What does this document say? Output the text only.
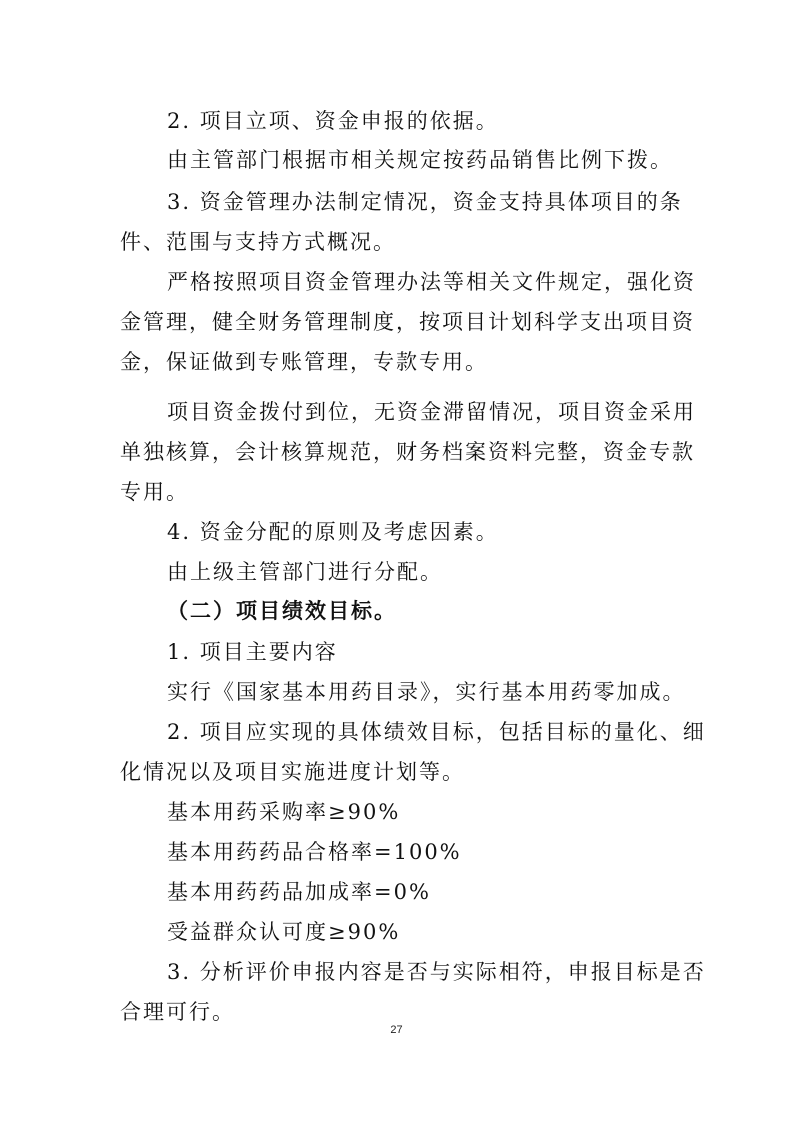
2. 项目立项、资金申报的依据。
由主管部门根据市相关规定按药品销售比例下拨。
3. 资金管理办法制定情况，资金支持具体项目的条
件、范围与支持方式概况。
严格按照项目资金管理办法等相关文件规定，强化资
金管理，健全财务管理制度，按项目计划科学支出项目资
金，保证做到专账管理，专款专用。
项目资金拨付到位，无资金滞留情况，项目资金采用
单独核算，会计核算规范，财务档案资料完整，资金专款
专用。
4. 资金分配的原则及考虑因素。
由上级主管部门进行分配。
（二）项目绩效目标。
1. 项目主要内容
实行《国家基本用药目录》，实行基本用药零加成。
2. 项目应实现的具体绩效目标，包括目标的量化、细
化情况以及项目实施进度计划等。
基本用药采购率≥90%
基本用药药品合格率=100%
基本用药药品加成率=0%
受益群众认可度≥90%
3. 分析评价申报内容是否与实际相符，申报目标是否
合理可行。
27
